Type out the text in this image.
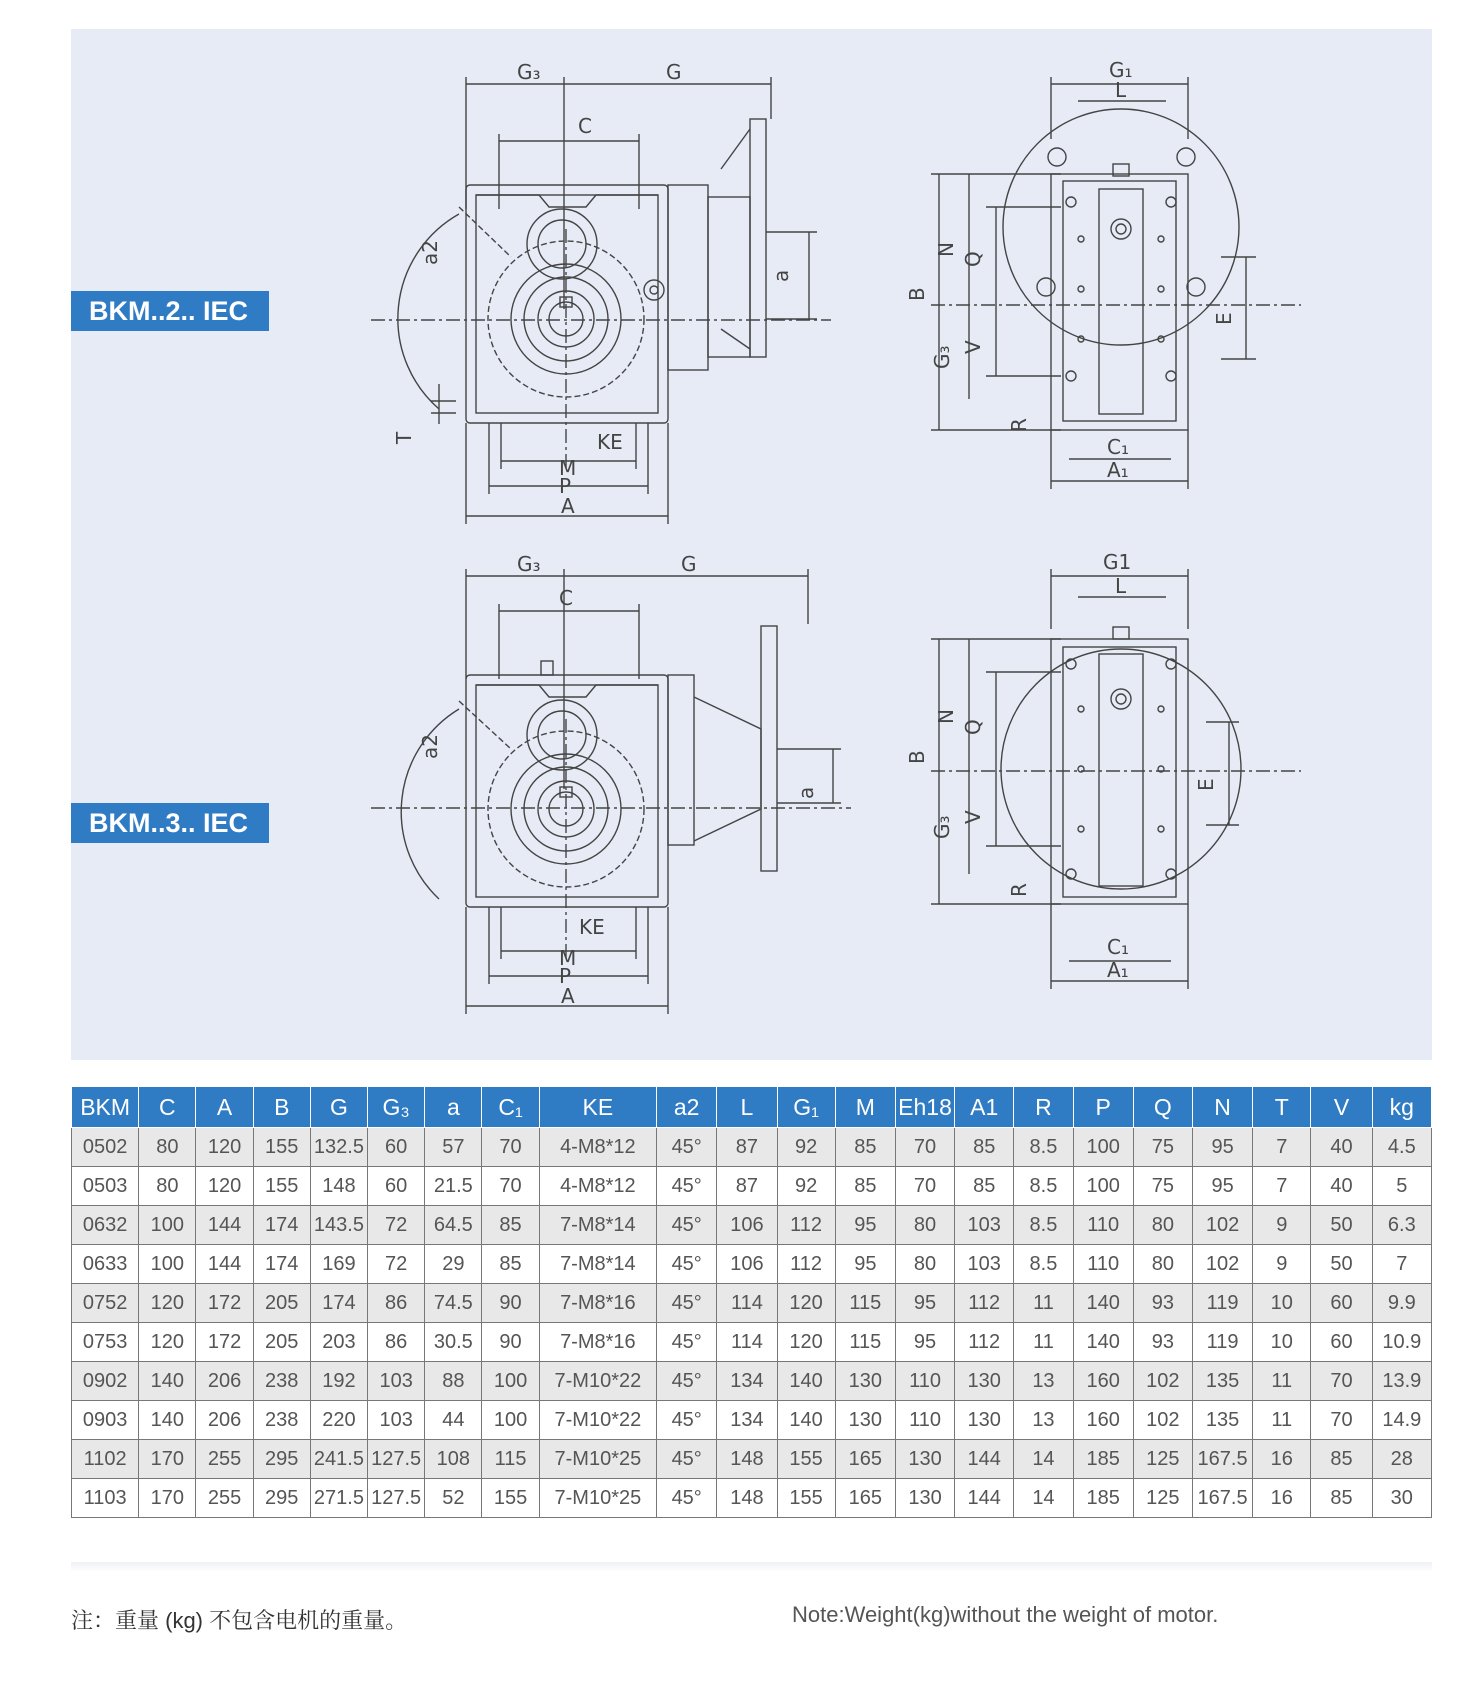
G₃	G
C
a2
a
KE
M
P
A
T
G₁
L
N
Q
B
G₃ V
E
R
C₁
A₁
G₃	G
C
a2
a
KE
M
P
A
G1
L
N
Q
B
G₃ V
E
R
C₁
A₁
BKM..2.. IEC
BKM..3.. IEC
BKM	C	A	B	G	G₃	a	C₁	KE	a2	L	G₁	M	Eh18	A1	R	P	Q	N	T	V	kg
0502	80	120	155	132.5	60	57	70	4-M8*12	45°	87	92	85	70	85	8.5	100	75	95	7	40	4.5
0503	80	120	155	148	60	21.5	70	4-M8*12	45°	87	92	85	70	85	8.5	100	75	95	7	40	5
0632	100	144	174	143.5	72	64.5	85	7-M8*14	45°	106	112	95	80	103	8.5	110	80	102	9	50	6.3
0633	100	144	174	169	72	29	85	7-M8*14	45°	106	112	95	80	103	8.5	110	80	102	9	50	7
0752	120	172	205	174	86	74.5	90	7-M8*16	45°	114	120	115	95	112	11	140	93	119	10	60	9.9
0753	120	172	205	203	86	30.5	90	7-M8*16	45°	114	120	115	95	112	11	140	93	119	10	60	10.9
0902	140	206	238	192	103	88	100	7-M10*22	45°	134	140	130	110	130	13	160	102	135	11	70	13.9
0903	140	206	238	220	103	44	100	7-M10*22	45°	134	140	130	110	130	13	160	102	135	11	70	14.9
1102	170	255	295	241.5	127.5	108	115	7-M10*25	45°	148	155	165	130	144	14	185	125	167.5	16	85	28
1103	170	255	295	271.5	127.5	52	155	7-M10*25	45°	148	155	165	130	144	14	185	125	167.5	16	85	30
注：重量 (kg) 不包含电机的重量。	Note:Weight(kg)without the weight of motor.
